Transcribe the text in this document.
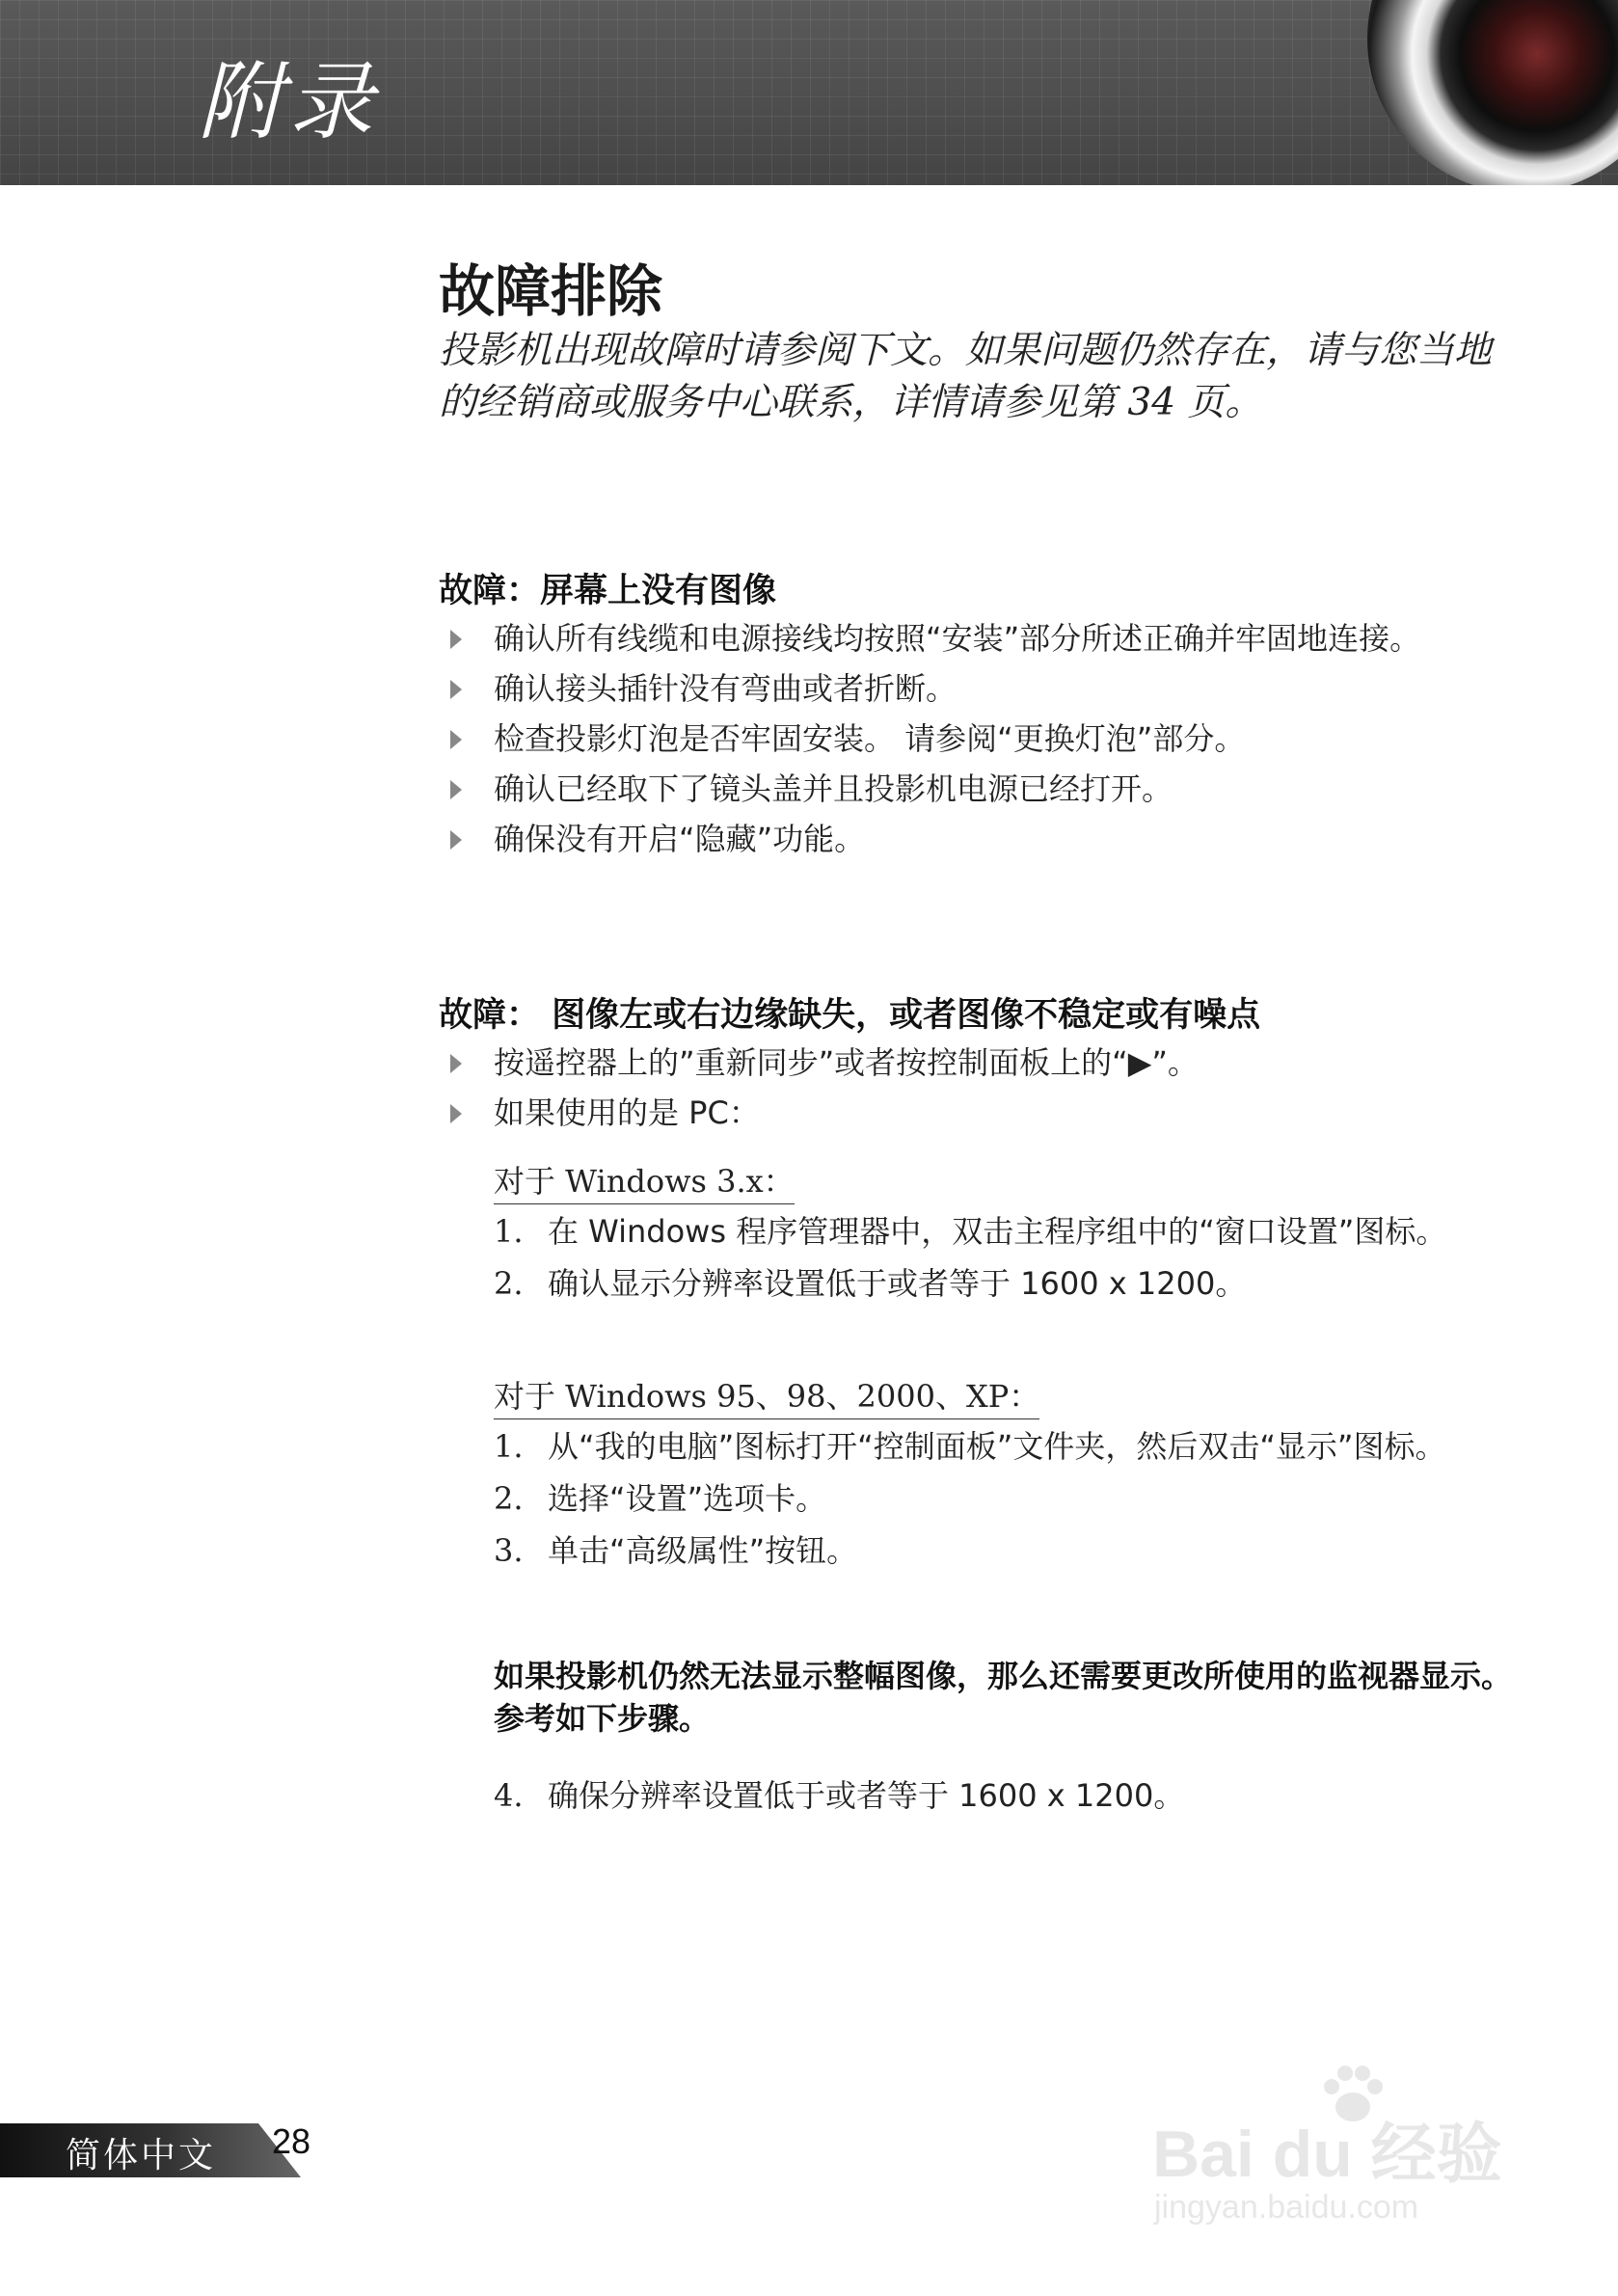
附录
故障排除
投影机出现故障时请参阅下文。如果问题仍然存在，请与您当地的经销商或服务中心联系，详情请参见第 34 页。
故障：屏幕上没有图像
确认所有线缆和电源接线均按照“安装”部分所述正确并牢固地连接。
确认接头插针没有弯曲或者折断。
检查投影灯泡是否牢固安装。 请参阅“更换灯泡”部分。
确认已经取下了镜头盖并且投影机电源已经打开。
确保没有开启“隐藏”功能。
故障： 图像左或右边缘缺失，或者图像不稳定或有噪点
按遥控器上的”重新同步”或者按控制面板上的“▶”。
如果使用的是 PC：
对于 Windows 3.x：
1. 在 Windows 程序管理器中，双击主程序组中的“窗口设置”图标。
2. 确认显示分辨率设置低于或者等于 1600 x 1200。
对于 Windows 95、98、2000、XP：
1. 从“我的电脑”图标打开“控制面板”文件夹，然后双击“显示”图标。
2. 选择“设置”选项卡。
3. 单击“高级属性”按钮。
如果投影机仍然无法显示整幅图像，那么还需要更改所使用的监视器显示。参考如下步骤。
4. 确保分辨率设置低于或者等于 1600 x 1200。
简体中文 28	Bai du 经验
jingyan.baidu.com
